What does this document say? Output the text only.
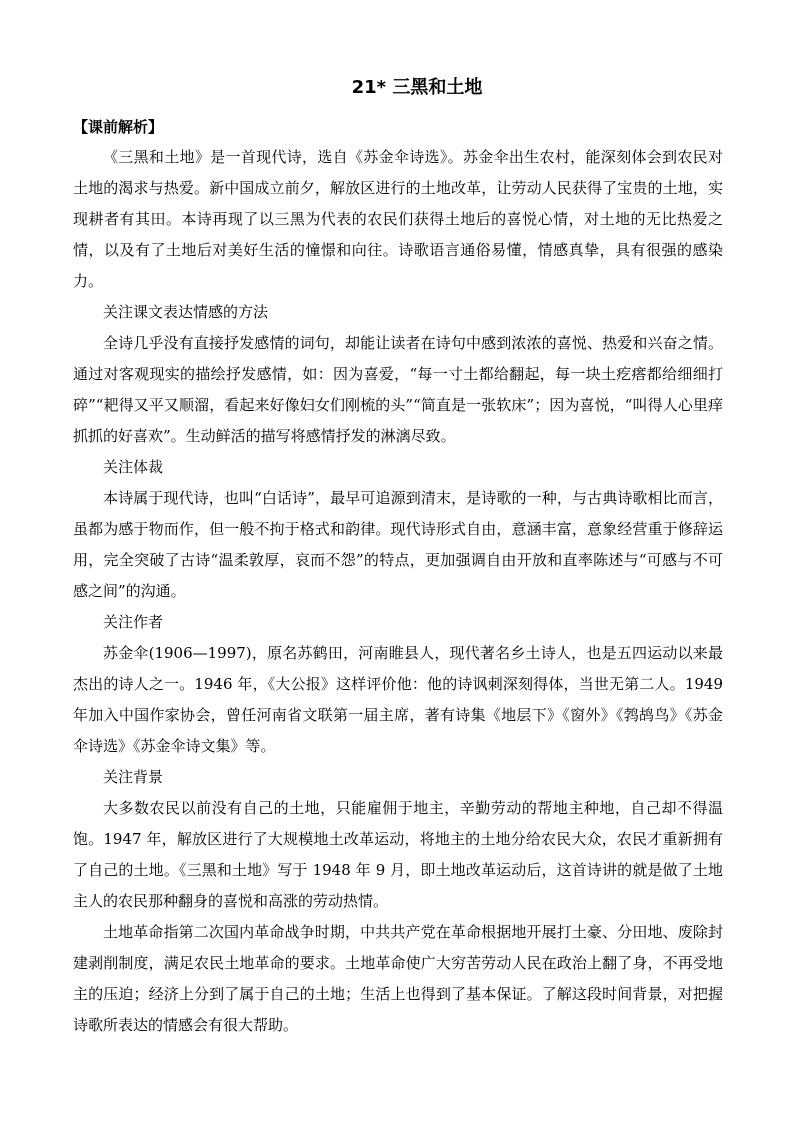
21* 三黑和土地
【课前解析】

《三黑和土地》是一首现代诗，选自《苏金伞诗选》。苏金伞出生农村，能深刻体会到农民对土地的渴求与热爱。新中国成立前夕，解放区进行的土地改革，让劳动人民获得了宝贵的土地，实现耕者有其田。本诗再现了以三黑为代表的农民们获得土地后的喜悦心情，对土地的无比热爱之情，以及有了土地后对美好生活的憧憬和向往。诗歌语言通俗易懂，情感真挚，具有很强的感染力。

关注课文表达情感的方法

全诗几乎没有直接抒发感情的词句，却能让读者在诗句中感到浓浓的喜悦、热爱和兴奋之情。通过对客观现实的描绘抒发感情，如：因为喜爱，“每一寸土都给翻起，每一块土疙瘩都给细细打碎”“耙得又平又顺溜，看起来好像妇女们刚梳的头”“简直是一张软床”；因为喜悦，“叫得人心里痒抓抓的好喜欢”。生动鲜活的描写将感情抒发的淋漓尽致。

关注体裁

本诗属于现代诗，也叫“白话诗”，最早可追源到清末，是诗歌的一种，与古典诗歌相比而言，虽都为感于物而作，但一般不拘于格式和韵律。现代诗形式自由，意涵丰富，意象经营重于修辞运用，完全突破了古诗“温柔敦厚，哀而不怨”的特点，更加强调自由开放和直率陈述与“可感与不可感之间”的沟通。

关注作者

苏金伞(1906—1997)，原名苏鹤田，河南睢县人，现代著名乡土诗人，也是五四运动以来最杰出的诗人之一。1946 年，《大公报》这样评价他：他的诗讽刺深刻得体，当世无第二人。1949 年加入中国作家协会，曾任河南省文联第一届主席，著有诗集《地层下》《窗外》《鹁鸪鸟》《苏金伞诗选》《苏金伞诗文集》等。

关注背景

大多数农民以前没有自己的土地，只能雇佣于地主，辛勤劳动的帮地主种地，自己却不得温饱。1947 年，解放区进行了大规模地土改革运动，将地主的土地分给农民大众，农民才重新拥有了自己的土地。《三黑和土地》写于 1948 年 9 月，即土地改革运动后，这首诗讲的就是做了土地主人的农民那种翻身的喜悦和高涨的劳动热情。

土地革命指第二次国内革命战争时期，中共共产党在革命根据地开展打土豪、分田地、废除封建剥削制度，满足农民土地革命的要求。土地革命使广大穷苦劳动人民在政治上翻了身，不再受地主的压迫；经济上分到了属于自己的土地；生活上也得到了基本保证。了解这段时间背景，对把握诗歌所表达的情感会有很大帮助。
